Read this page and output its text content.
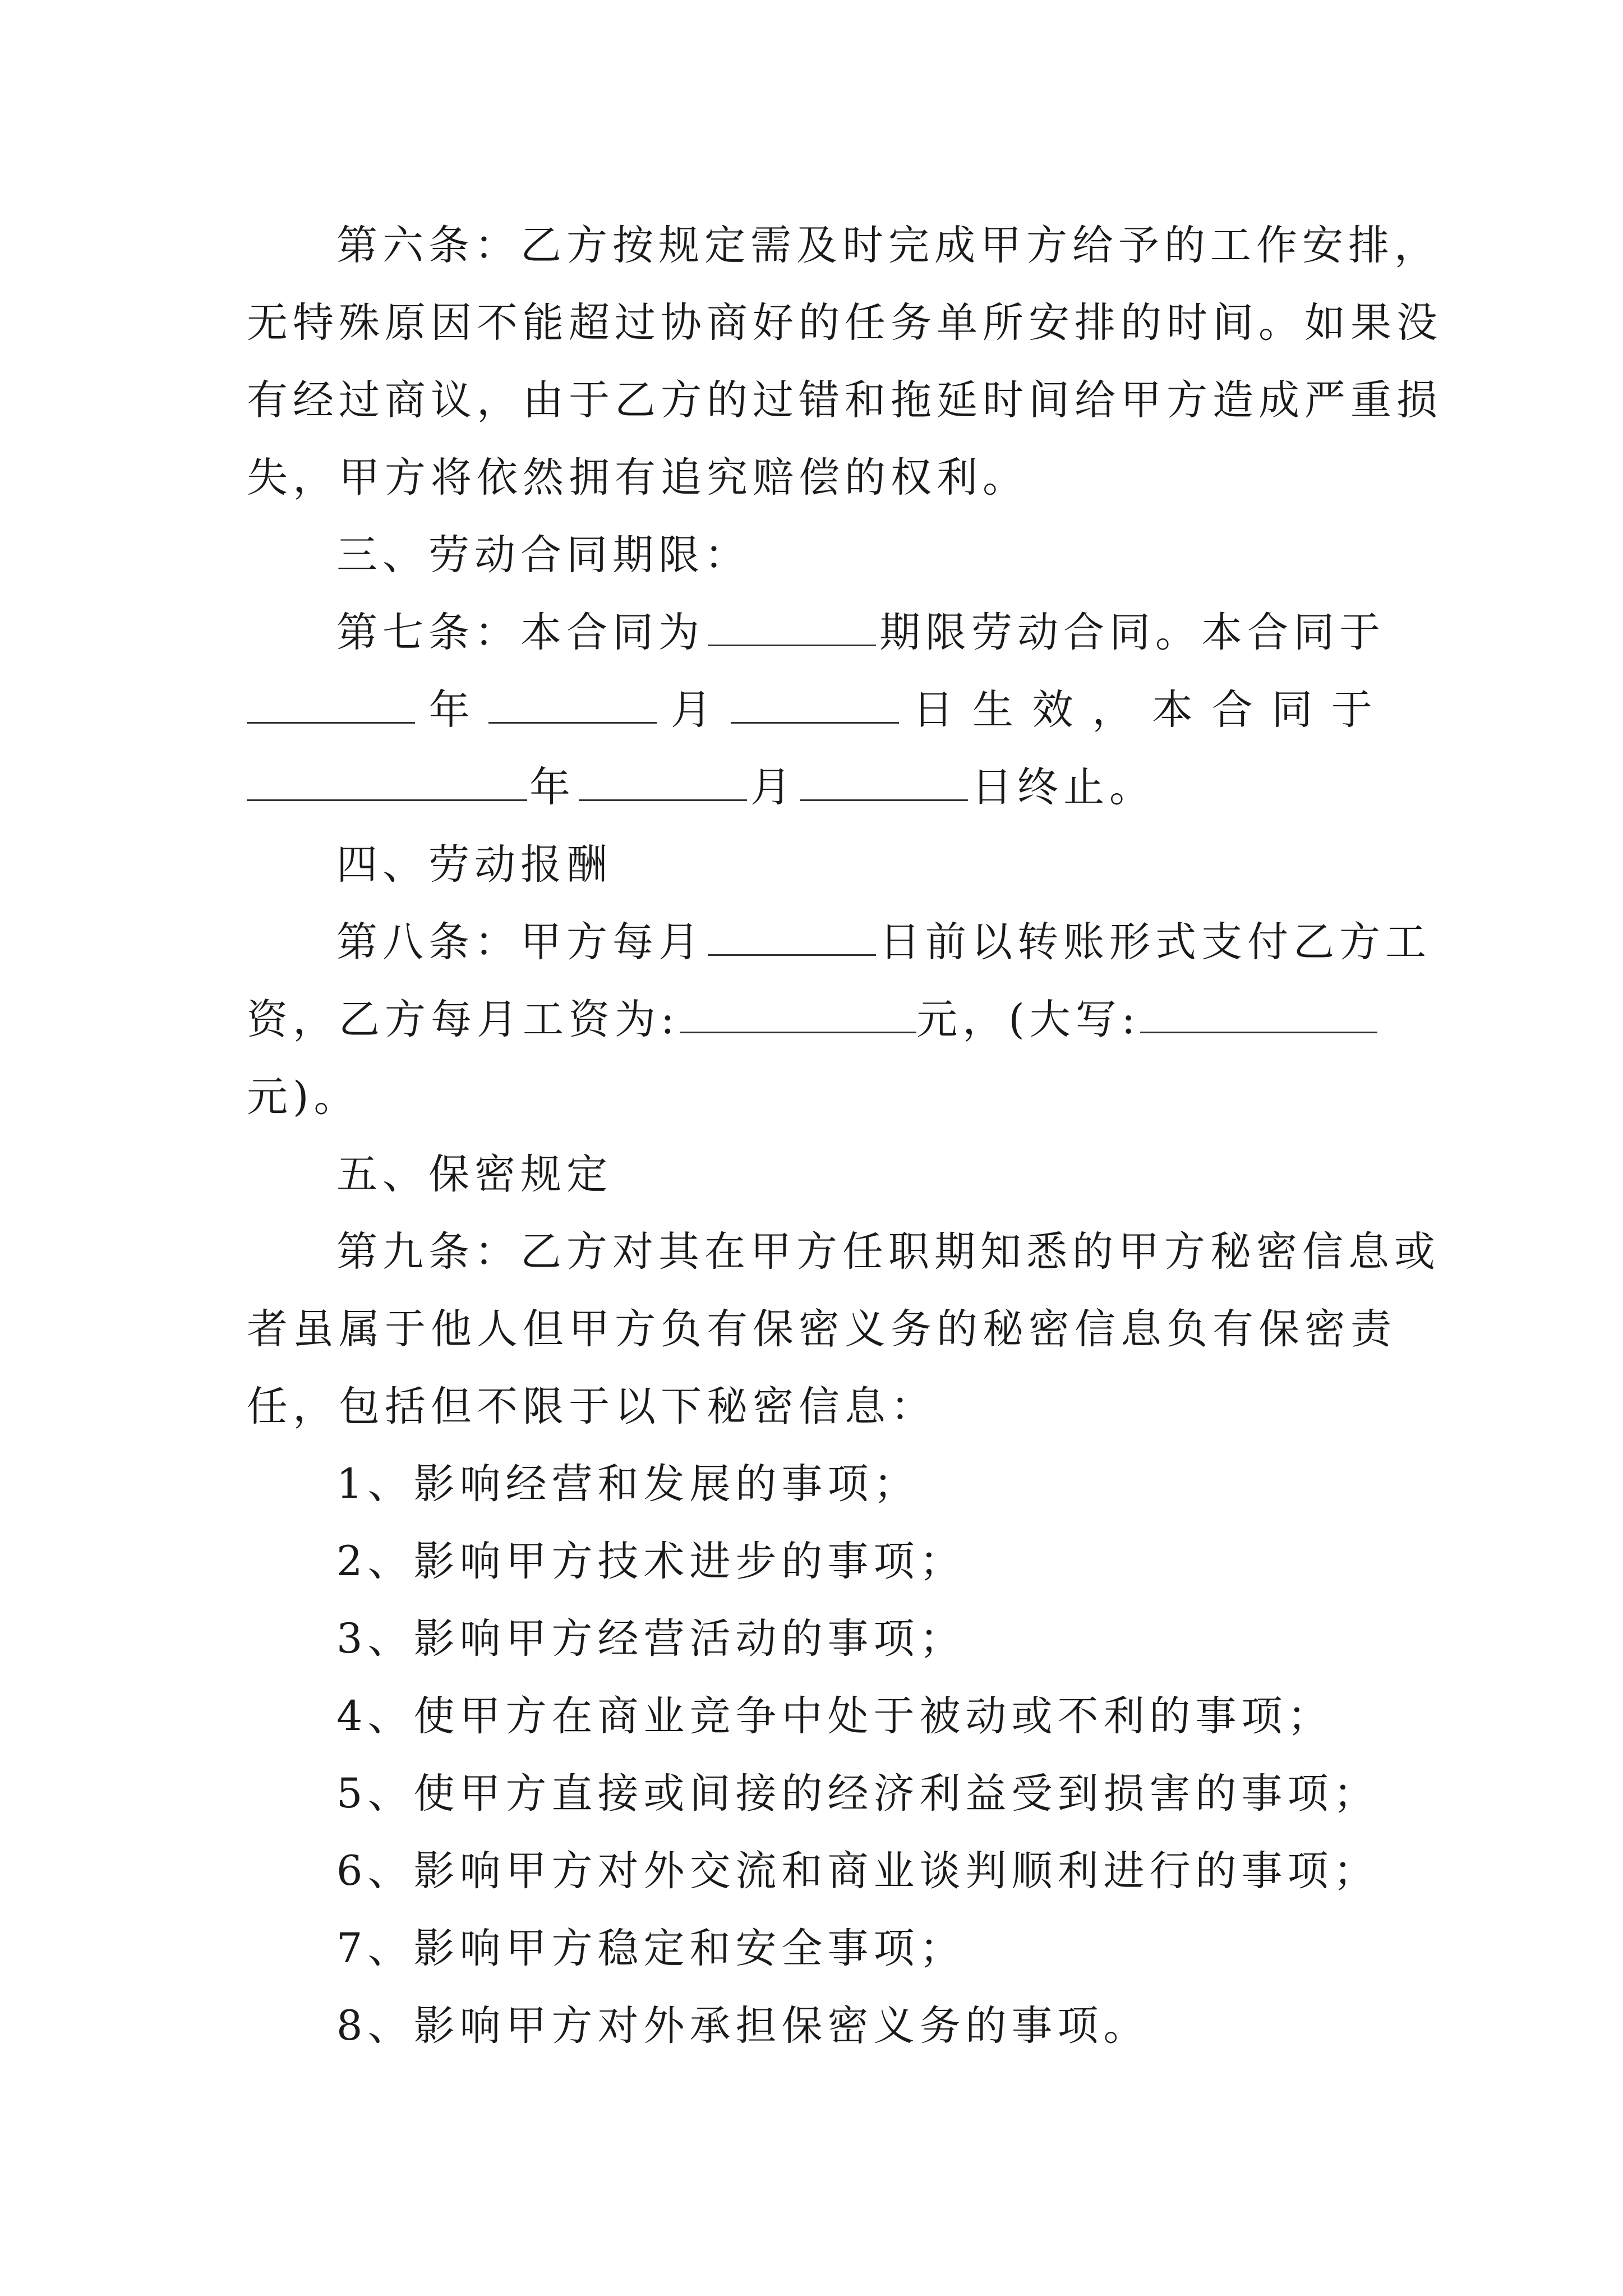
第六条：乙方按规定需及时完成甲方给予的工作安排，
无特殊原因不能超过协商好的任务单所安排的时间。如果没
有经过商议，由于乙方的过错和拖延时间给甲方造成严重损
失，甲方将依然拥有追究赔偿的权利。
三、劳动合同期限：
第七条：本合同为	期限劳动合同。本合同于
年	月	日 生 效 ， 本 合 同 于
年	月	日终止。
四、劳动报酬
第八条：甲方每月	日前以转账形式支付乙方工
资，乙方每月工资为:	元，(大写:
元)。
五、保密规定
第九条：乙方对其在甲方任职期知悉的甲方秘密信息或
者虽属于他人但甲方负有保密义务的秘密信息负有保密责
任，包括但不限于以下秘密信息：
1、影响经营和发展的事项；
2、影响甲方技术进步的事项；
3、影响甲方经营活动的事项；
4、使甲方在商业竞争中处于被动或不利的事项；
5、使甲方直接或间接的经济利益受到损害的事项；
6、影响甲方对外交流和商业谈判顺利进行的事项；
7、影响甲方稳定和安全事项；
8、影响甲方对外承担保密义务的事项。
